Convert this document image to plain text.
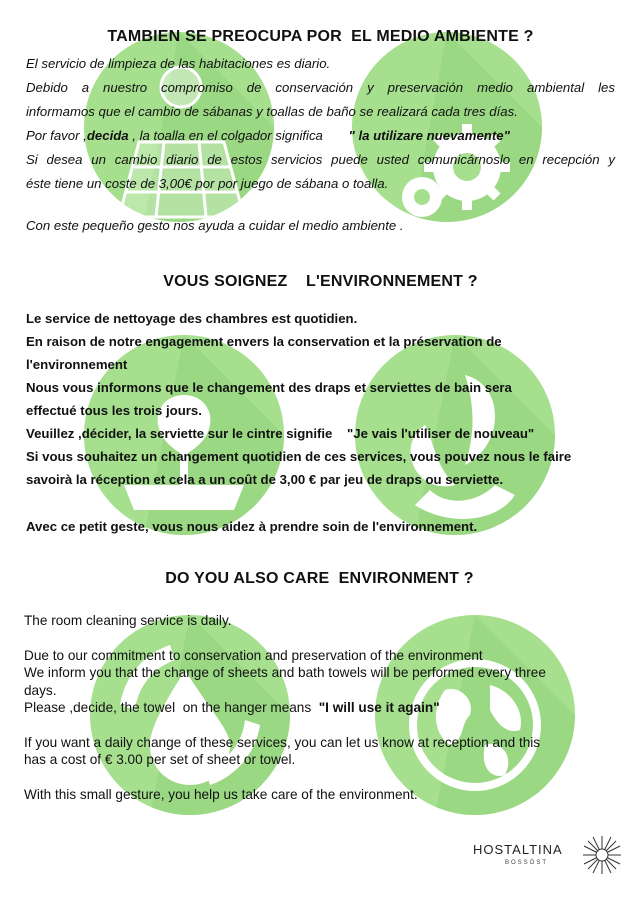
TAMBIEN SE PREOCUPA POR  EL MEDIO AMBIENTE ?

El servicio de limpieza de las habitaciones es diario.

Debido a nuestro compromiso de conservación y preservación medio ambiental les

informamos que el cambio de sábanas y toallas de baño se realizará cada tres días.

Por favor ,decida , la toalla en el colgador significa       " la utilizare nuevamente"

Si desea un cambio diario de estos servicios puede usted comunicárnoslo en recepción y

éste tiene un coste de 3,00€ por por juego de sábana o toalla.

Con este pequeño gesto nos ayuda a cuidar el medio ambiente .

VOUS SOIGNEZ    L'ENVIRONNEMENT ?

Le service de nettoyage des chambres est quotidien.

En raison de notre engagement envers la conservation et la préservation de

l'environnement

Nous vous informons que le changement des draps et serviettes de bain sera

effectué tous les trois jours.

Veuillez ,décider, la serviette sur le cintre signifie    "Je vais l'utiliser de nouveau"

Si vous souhaitez un changement quotidien de ces services, vous pouvez nous le faire

savoirà la réception et cela a un coût de 3,00 € par jeu de draps ou serviette.

Avec ce petit geste, vous nous aidez à prendre soin de l'environnement.

DO YOU ALSO CARE  ENVIRONMENT ?

The room cleaning service is daily.

Due to our commitment to conservation and preservation of the environment

We inform you that the change of sheets and bath towels will be performed every three

days.

Please ,decide, the towel  on the hanger means  "I will use it again"

If you want a daily change of these services, you can let us know at reception and this

has a cost of € 3.00 per set of sheet or towel.

With this small gesture, you help us take care of the environment.

HOSTALTINA
BOSSÒST
